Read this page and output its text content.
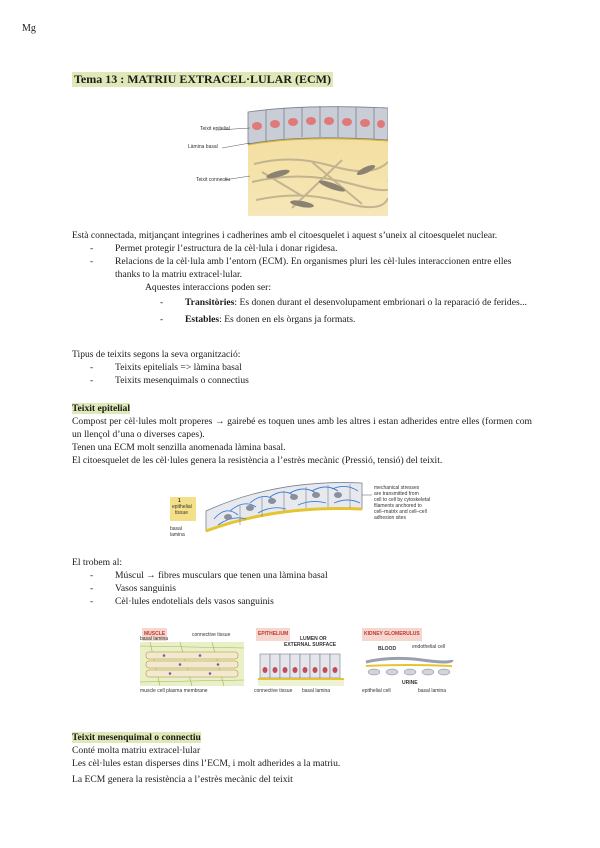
Mg
Tema 13 : MATRIU EXTRACEL·LULAR (ECM)
Teixit epitelial
Làmina basal
Teixit connectiu
Està connectada, mitjançant integrines i cadherines amb el citoesquelet i aquest s’uneix al citoesquelet nuclear.
- Permet protegir l’estructura de la cèl·lula i donar rigidesa.
- Relacions de la cèl·lula amb l’entorn (ECM). En organismes pluri les cèl·lules interaccionen entre elles thanks to la matriu extracel·lular.
Aquestes interaccions poden ser:
- Transitòries: Es donen durant el desenvolupament embrionari o la reparació de ferides...
- Estables: Es donen en els òrgans ja formats.
Tipus de teixits segons la seva organització:
- Teixits epitelials => làmina basal
- Teixits mesenquimals o connectius
Teixit epitelial
Compost per cèl·lules molt properes → gairebé es toquen unes amb les altres i estan adherides entre elles (formen com un llençol d’una o diverses capes).
Tenen una ECM molt senzilla anomenada làmina basal.
El citoesquelet de les cèl·lules genera la resistència a l’estrès mecànic (Pressió, tensió) del teixit.
1
epithelial
tissue
basal
lamina
mechanical stresses
are transmitted from
cell to cell by cytoskeletal
filaments anchored to
cell–matrix and cell–cell
adhesion sites
El trobem al:
- Múscul → fibres musculars que tenen una làmina basal
- Vasos sanguinis
- Cèl·lules endotelials dels vasos sanguinis
MUSCLE
basal lamina
connective tissue
muscle cell plasma membrane
EPITHELIUM
LUMEN OR
EXTERNAL SURFACE
connective tissue basal lamina
KIDNEY GLOMERULUS
BLOOD	endothelial cell
URINE
epithelial cell	basal lamina
Teixit mesenquimal o connectiu
Conté molta matriu extracel·lular
Les cèl·lules estan disperses dins l’ECM, i molt adherides a la matriu.
La ECM genera la resistència a l’estrès mecànic del teixit
